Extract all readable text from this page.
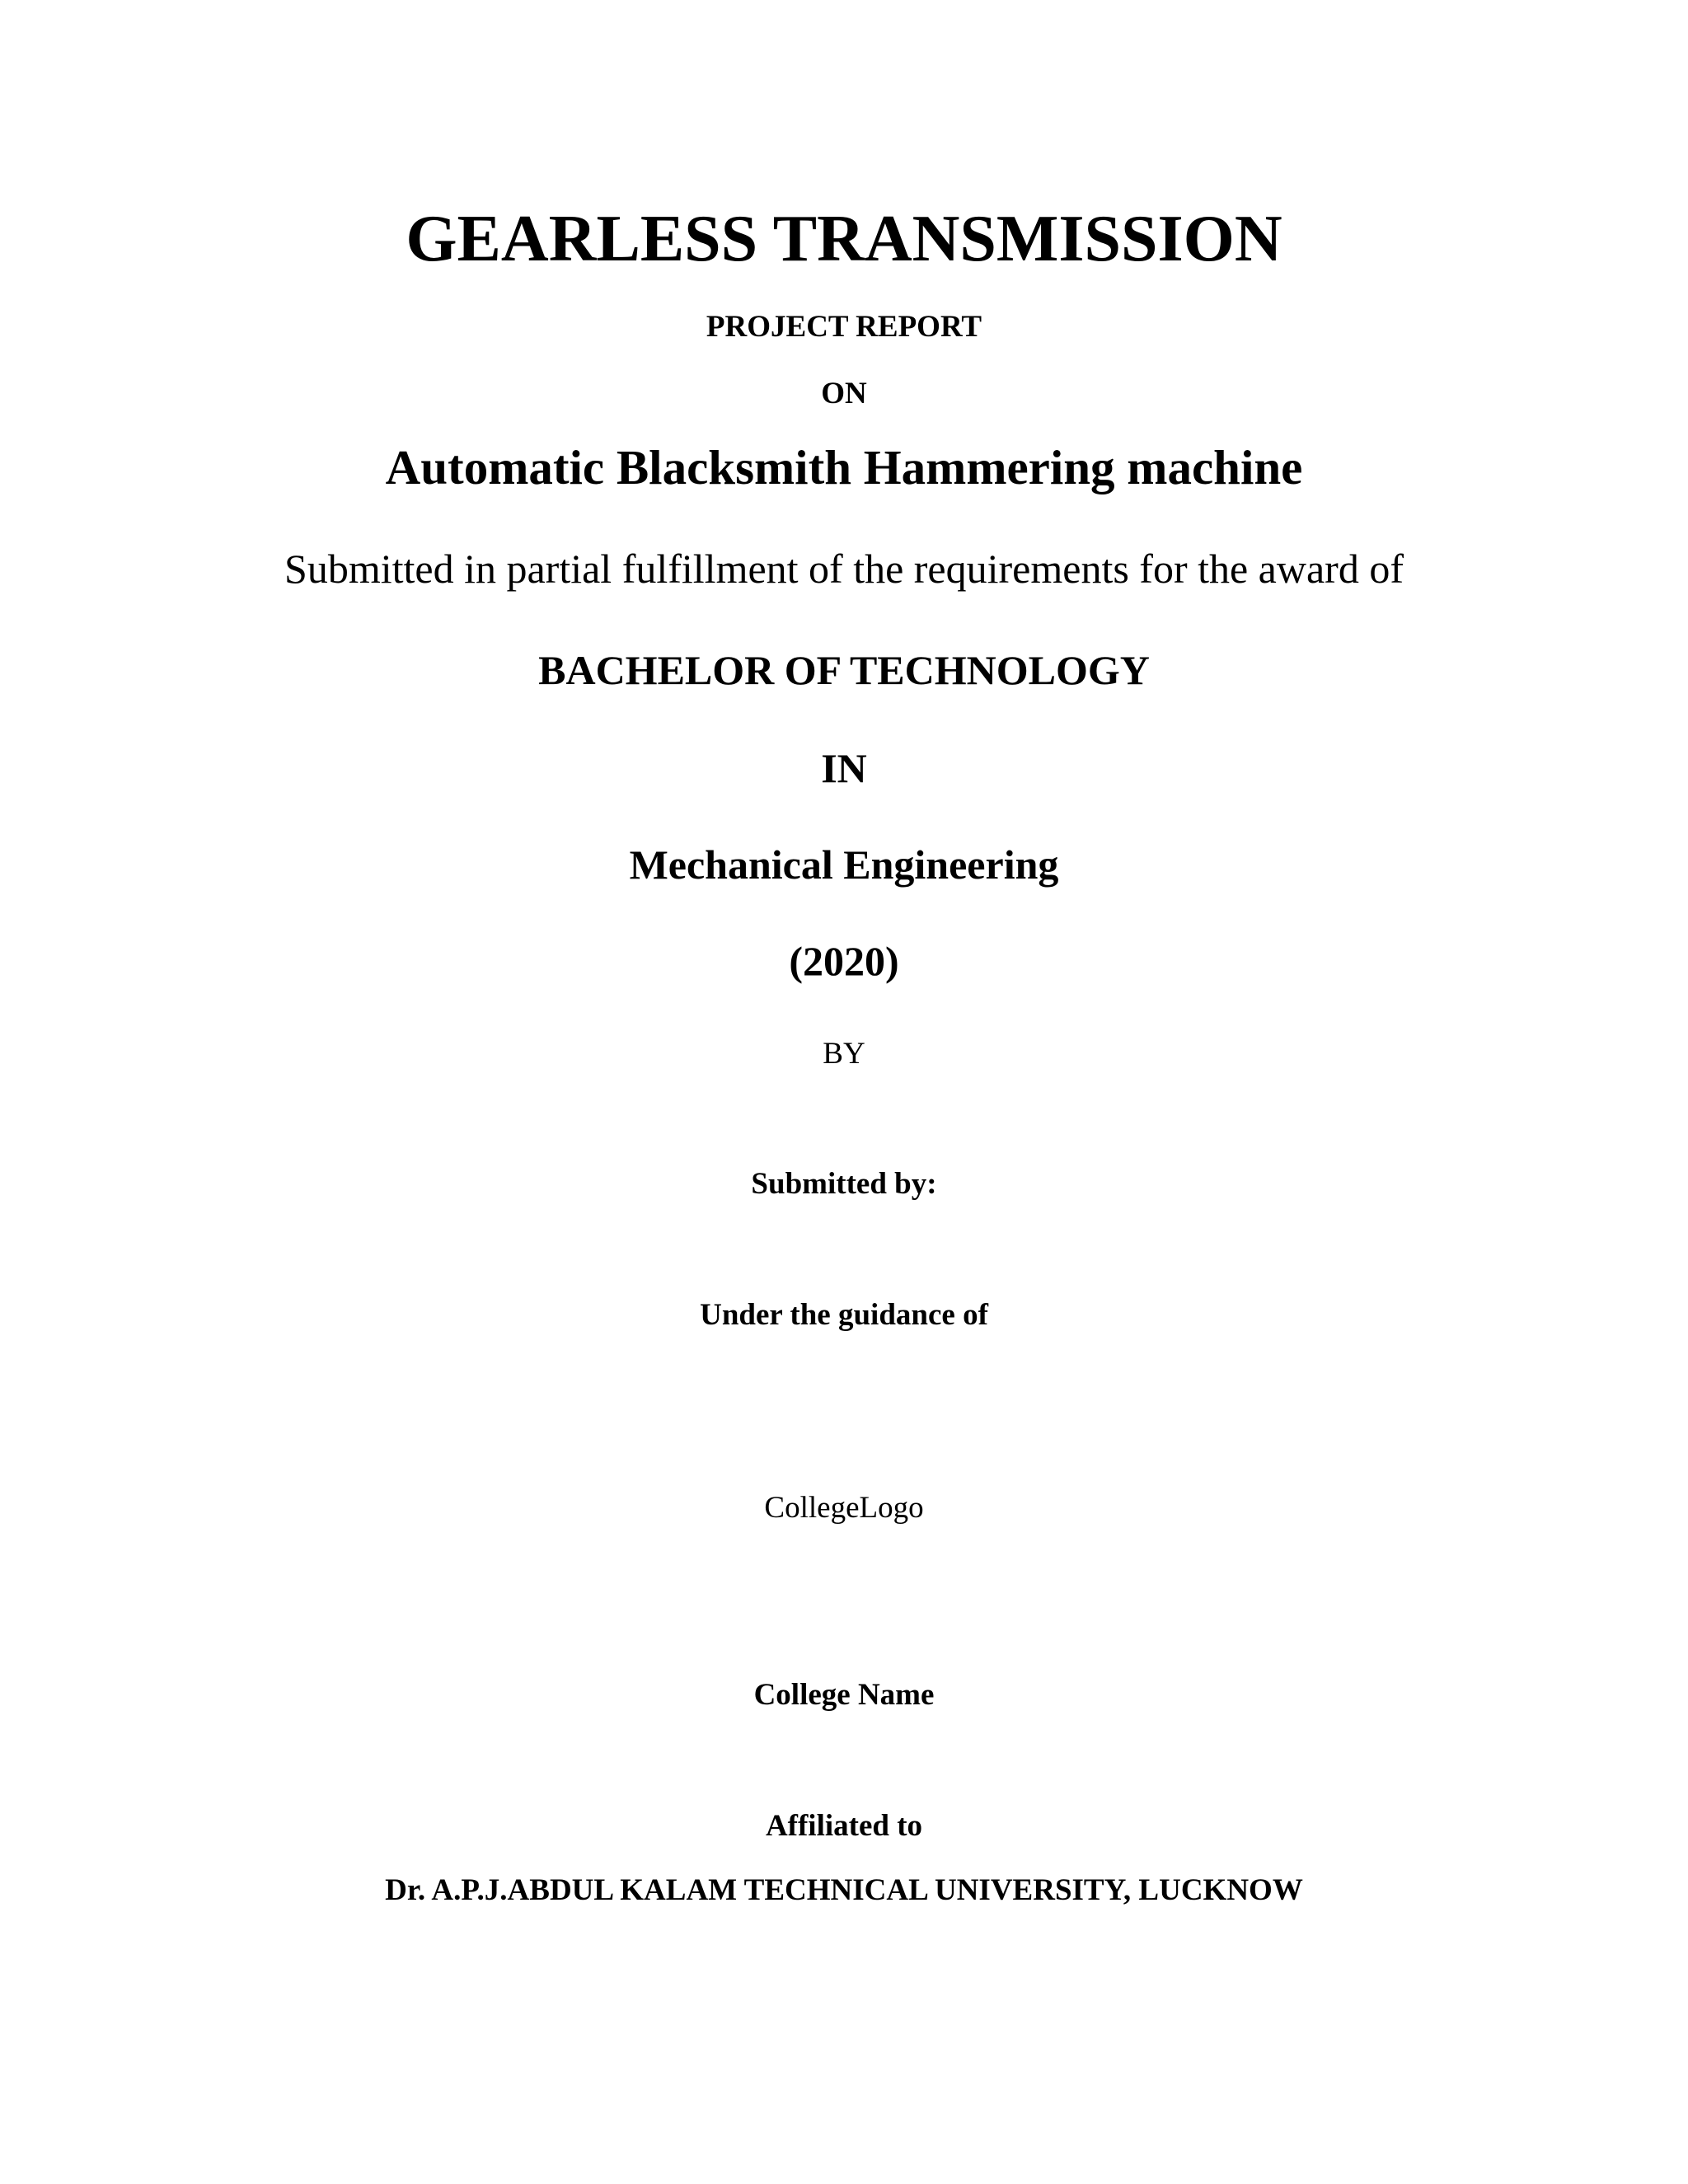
GEARLESS TRANSMISSION
PROJECT REPORT
ON
Automatic Blacksmith Hammering machine
Submitted in partial fulfillment of the requirements for the award of
BACHELOR OF TECHNOLOGY
IN
Mechanical Engineering
(2020)
BY
Submitted by:
Under the guidance of
CollegeLogo
College Name
Affiliated to
Dr. A.P.J.ABDUL KALAM TECHNICAL UNIVERSITY, LUCKNOW
